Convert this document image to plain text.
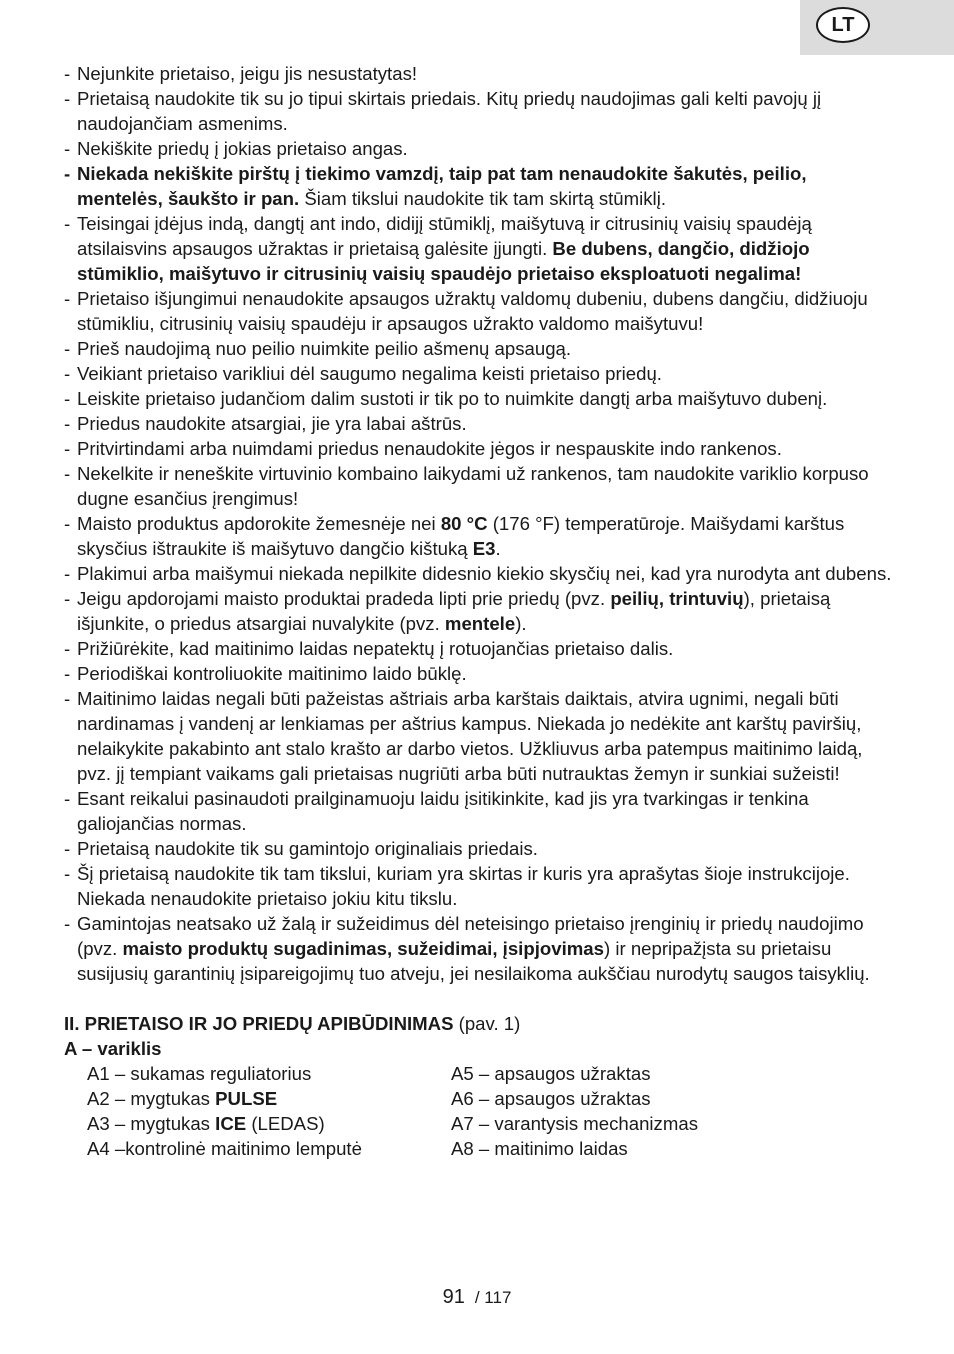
LT
- Nejunkite prietaiso, jeigu jis nesustatytas!
- Prietaisą naudokite tik su jo tipui skirtais priedais. Kitų priedų naudojimas gali kelti pavojų jį naudojančiam asmenims.
- Nekiškite priedų į jokias prietaiso angas.
- Niekada nekiškite pirštų į tiekimo vamzdį, taip pat tam nenaudokite šakutės, peilio, mentelės, šaukšto ir pan. Šiam tikslui naudokite tik tam skirtą stūmiklį.
- Teisingai įdėjus indą, dangtį ant indo, didijį stūmiklį, maišytuvą ir citrusinių vaisių spaudėją atsilaisvins apsaugos užraktas ir prietaisą galėsite įjungti. Be dubens, dangčio, didžiojo stūmiklio, maišytuvo ir citrusinių vaisių spaudėjo prietaiso eksploatuoti negalima!
- Prietaiso išjungimui nenaudokite apsaugos užraktų valdomų dubeniu, dubens dangčiu, didžiuoju stūmikliu, citrusinių vaisių spaudėju ir apsaugos užrakto valdomo maišytuvu!
- Prieš naudojimą nuo peilio nuimkite peilio ašmenų apsaugą.
- Veikiant prietaiso varikliui dėl saugumo negalima keisti prietaiso priedų.
- Leiskite prietaiso judančiom dalim sustoti ir tik po to nuimkite dangtį arba maišytuvo dubenį.
- Priedus naudokite atsargiai, jie yra labai aštrūs.
- Pritvirtindami arba nuimdami priedus nenaudokite jėgos ir nespauskite indo rankenos.
- Nekelkite ir neneškite virtuvinio kombaino laikydami už rankenos, tam naudokite variklio korpuso dugne esančius įrengimus!
- Maisto produktus apdorokite žemesnėje nei 80 °C (176 °F) temperatūroje. Maišydami karštus skysčius ištraukite iš maišytuvo dangčio kištuką E3.
- Plakimui arba maišymui niekada nepilkite didesnio kiekio skysčių nei, kad yra nurodyta ant dubens.
- Jeigu apdorojami maisto produktai pradeda lipti prie priedų (pvz. peilių, trintuvių), prietaisą išjunkite, o priedus atsargiai nuvalykite (pvz. mentele).
- Prižiūrėkite, kad maitinimo laidas nepatektų į rotuojančias prietaiso dalis.
- Periodiškai kontroliuokite maitinimo laido būklę.
- Maitinimo laidas negali būti pažeistas aštriais arba karštais daiktais, atvira ugnimi, negali būti nardinamas į vandenį ar lenkiamas per aštrius kampus. Niekada jo nedėkite ant karštų paviršių, nelaikykite pakabinto ant stalo krašto ar darbo vietos. Užkliuvus arba patempus maitinimo laidą, pvz. jį tempiant vaikams gali prietaisas nugriūti arba būti nutrauktas žemyn ir sunkiai sužeisti!
- Esant reikalui pasinaudoti prailginamuoju laidu įsitikinkite, kad jis yra tvarkingas ir tenkina galiojančias normas.
- Prietaisą naudokite tik su gamintojo originaliais priedais.
- Šį prietaisą naudokite tik tam tikslui, kuriam yra skirtas ir kuris yra aprašytas šioje instrukcijoje. Niekada nenaudokite prietaiso jokiu kitu tikslu.
- Gamintojas neatsako už žalą ir sužeidimus dėl neteisingo prietaiso įrenginių ir priedų naudojimo (pvz. maisto produktų sugadinimas, sužeidimai, įsipjovimas) ir nepripažįsta su prietaisu susijusių garantinių įsipareigojimų tuo atveju, jei nesilaikoma aukščiau nurodytų saugos taisyklių.
II. PRIETAISO IR JO PRIEDŲ APIBŪDINIMAS (pav. 1)
A – variklis
A1 – sukamas reguliatorius
A2 – mygtukas PULSE
A3 – mygtukas ICE (LEDAS)
A4 –kontrolinė maitinimo lemputė
A5 – apsaugos užraktas
A6 – apsaugos užraktas
A7 – varantysis mechanizmas
A8 – maitinimo laidas
91 / 117
